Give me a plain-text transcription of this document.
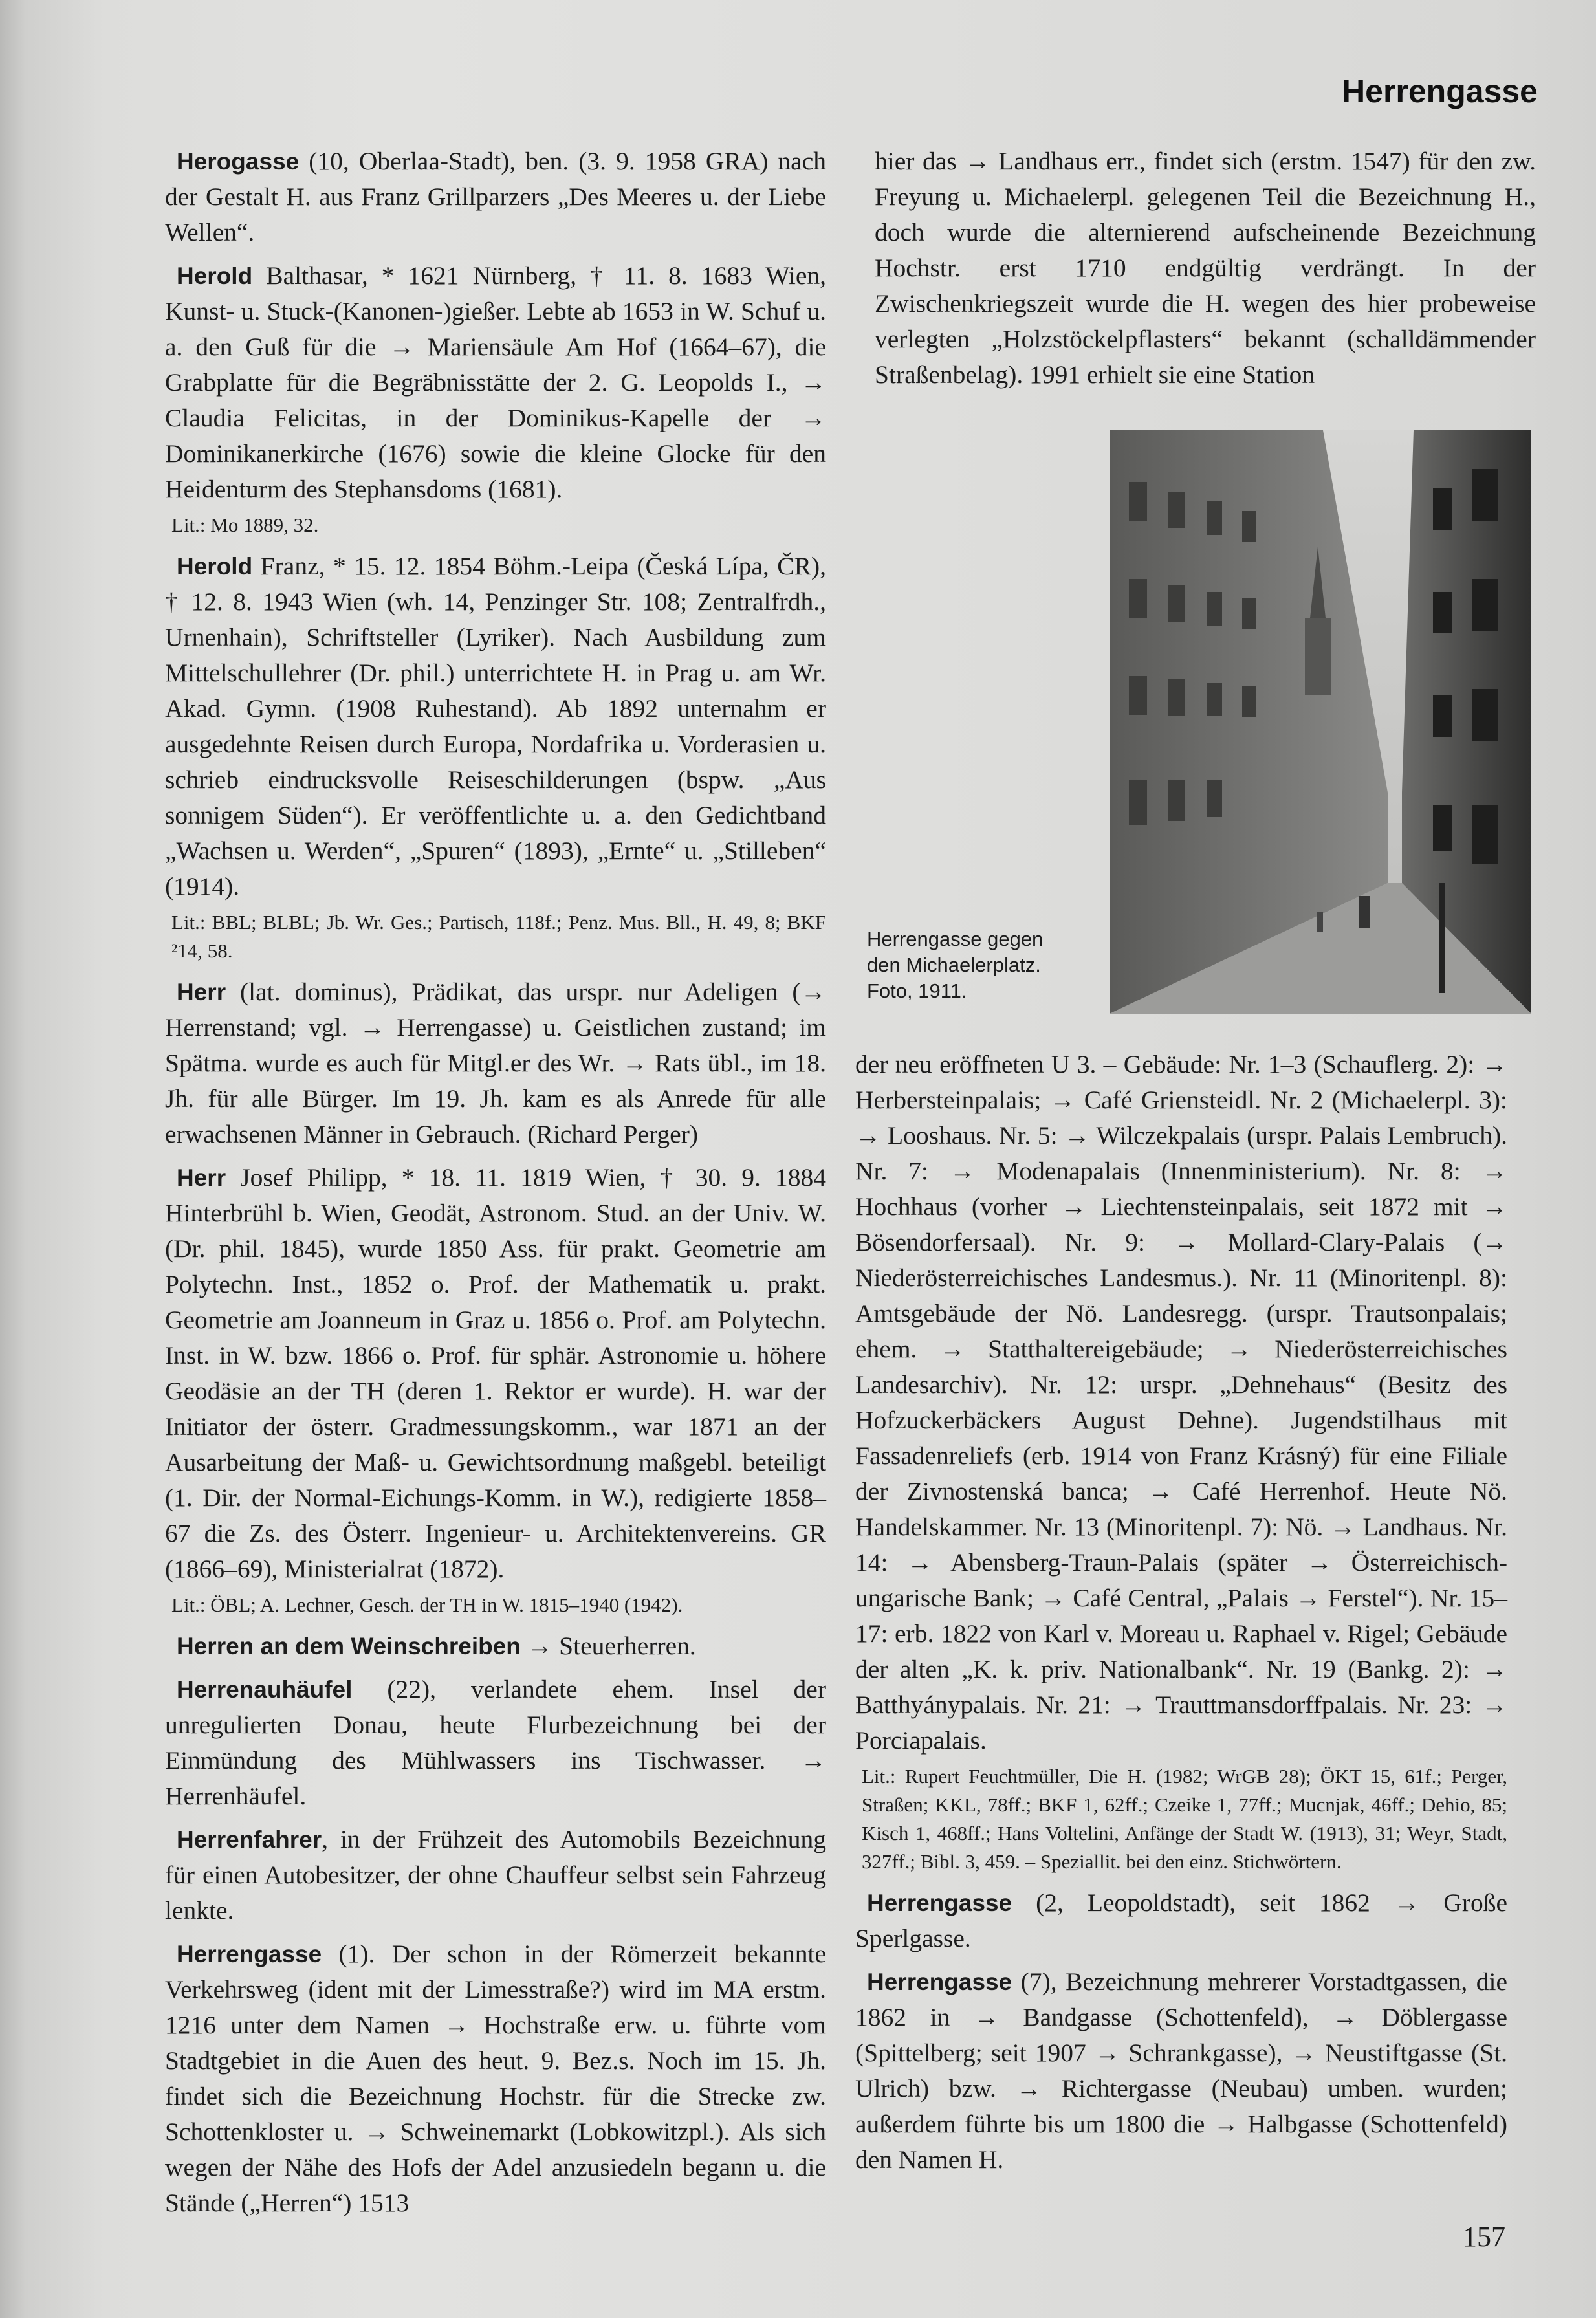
Herrengasse

Herogasse (10, Oberlaa-Stadt), ben. (3. 9. 1958 GRA) nach der Gestalt H. aus Franz Grillparzers „Des Meeres u. der Liebe Wellen“.

Herold Balthasar, * 1621 Nürnberg, † 11. 8. 1683 Wien, Kunst- u. Stuck-(Kanonen-)gießer. Lebte ab 1653 in W. Schuf u. a. den Guß für die → Mariensäule Am Hof (1664–67), die Grabplatte für die Begräbnisstätte der 2. G. Leopolds I., → Claudia Felicitas, in der Dominikus-Kapelle der → Dominikanerkirche (1676) sowie die kleine Glocke für den Heidenturm des Stephansdoms (1681).

Lit.: Mo 1889, 32.

Herold Franz, * 15. 12. 1854 Böhm.-Leipa (Česká Lípa, ČR), † 12. 8. 1943 Wien (wh. 14, Penzinger Str. 108; Zentralfrdh., Urnenhain), Schriftsteller (Lyriker). Nach Ausbildung zum Mittelschullehrer (Dr. phil.) unterrichtete H. in Prag u. am Wr. Akad. Gymn. (1908 Ruhestand). Ab 1892 unternahm er ausgedehnte Reisen durch Europa, Nordafrika u. Vorderasien u. schrieb eindrucksvolle Reiseschilderungen (bspw. „Aus sonnigem Süden“). Er veröffentlichte u. a. den Gedichtband „Wachsen u. Werden“, „Spuren“ (1893), „Ernte“ u. „Stilleben“ (1914).

Lit.: BBL; BLBL; Jb. Wr. Ges.; Partisch, 118f.; Penz. Mus. Bll., H. 49, 8; BKF ²14, 58.

Herr (lat. dominus), Prädikat, das urspr. nur Adeligen (→ Herrenstand; vgl. → Herrengasse) u. Geistlichen zustand; im Spätma. wurde es auch für Mitgl.er des Wr. → Rats übl., im 18. Jh. für alle Bürger. Im 19. Jh. kam es als Anrede für alle erwachsenen Männer in Gebrauch. (Richard Perger)

Herr Josef Philipp, * 18. 11. 1819 Wien, † 30. 9. 1884 Hinterbrühl b. Wien, Geodät, Astronom. Stud. an der Univ. W. (Dr. phil. 1845), wurde 1850 Ass. für prakt. Geometrie am Polytechn. Inst., 1852 o. Prof. der Mathematik u. prakt. Geometrie am Joanneum in Graz u. 1856 o. Prof. am Polytechn. Inst. in W. bzw. 1866 o. Prof. für sphär. Astronomie u. höhere Geodäsie an der TH (deren 1. Rektor er wurde). H. war der Initiator der österr. Gradmessungskomm., war 1871 an der Ausarbeitung der Maß- u. Gewichtsordnung maßgebl. beteiligt (1. Dir. der Normal-Eichungs-Komm. in W.), redigierte 1858–67 die Zs. des Österr. Ingenieur- u. Architektenvereins. GR (1866–69), Ministerialrat (1872).

Lit.: ÖBL; A. Lechner, Gesch. der TH in W. 1815–1940 (1942).

Herren an dem Weinschreiben → Steuerherren.

Herrenauhäufel (22), verlandete ehem. Insel der unregulierten Donau, heute Flurbezeichnung bei der Einmündung des Mühlwassers ins Tischwasser. → Herrenhäufel.

Herrenfahrer, in der Frühzeit des Automobils Bezeichnung für einen Autobesitzer, der ohne Chauffeur selbst sein Fahrzeug lenkte.

Herrengasse (1). Der schon in der Römerzeit bekannte Verkehrsweg (ident mit der Limesstraße?) wird im MA erstm. 1216 unter dem Namen → Hochstraße erw. u. führte vom Stadtgebiet in die Auen des heut. 9. Bez.s. Noch im 15. Jh. findet sich die Bezeichnung Hochstr. für die Strecke zw. Schottenkloster u. → Schweinemarkt (Lobkowitzpl.). Als sich wegen der Nähe des Hofs der Adel anzusiedeln begann u. die Stände („Herren“) 1513

hier das → Landhaus err., findet sich (erstm. 1547) für den zw. Freyung u. Michaelerpl. gelegenen Teil die Bezeichnung H., doch wurde die alternierend aufscheinende Bezeichnung Hochstr. erst 1710 endgültig verdrängt. In der Zwischenkriegszeit wurde die H. wegen des hier probeweise verlegten „Holzstöckelpflasters“ bekannt (schalldämmender Straßenbelag). 1991 erhielt sie eine Station

Herrengasse gegen
den Michaelerplatz.
Foto, 1911.

der neu eröffneten U 3. – Gebäude: Nr. 1–3 (Schauflerg. 2): → Herbersteinpalais; → Café Griensteidl. Nr. 2 (Michaelerpl. 3): → Looshaus. Nr. 5: → Wilczekpalais (urspr. Palais Lembruch). Nr. 7: → Modenapalais (Innenministerium). Nr. 8: → Hochhaus (vorher → Liechtensteinpalais, seit 1872 mit → Bösendorfersaal). Nr. 9: → Mollard-Clary-Palais (→ Niederösterreichisches Landesmus.). Nr. 11 (Minoritenpl. 8): Amtsgebäude der Nö. Landesregg. (urspr. Trautsonpalais; ehem. → Statthaltereigebäude; → Niederösterreichisches Landesarchiv). Nr. 12: urspr. „Dehnehaus“ (Besitz des Hofzuckerbäckers August Dehne). Jugendstilhaus mit Fassadenreliefs (erb. 1914 von Franz Krásný) für eine Filiale der Zivnostenská banca; → Café Herrenhof. Heute Nö. Handelskammer. Nr. 13 (Minoritenpl. 7): Nö. → Landhaus. Nr. 14: → Abensberg-Traun-Palais (später → Österreichisch-ungarische Bank; → Café Central, „Palais → Ferstel“). Nr. 15–17: erb. 1822 von Karl v. Moreau u. Raphael v. Rigel; Gebäude der alten „K. k. priv. Nationalbank“. Nr. 19 (Bankg. 2): → Batthyánypalais. Nr. 21: → Trauttmansdorffpalais. Nr. 23: → Porciapalais.

Lit.: Rupert Feuchtmüller, Die H. (1982; WrGB 28); ÖKT 15, 61f.; Perger, Straßen; KKL, 78ff.; BKF 1, 62ff.; Czeike 1, 77ff.; Mucnjak, 46ff.; Dehio, 85; Kisch 1, 468ff.; Hans Voltelini, Anfänge der Stadt W. (1913), 31; Weyr, Stadt, 327ff.; Bibl. 3, 459. – Speziallit. bei den einz. Stichwörtern.

Herrengasse (2, Leopoldstadt), seit 1862 → Große Sperlgasse.

Herrengasse (7), Bezeichnung mehrerer Vorstadtgassen, die 1862 in → Bandgasse (Schottenfeld), → Döblergasse (Spittelberg; seit 1907 → Schrankgasse), → Neustiftgasse (St. Ulrich) bzw. → Richtergasse (Neubau) umben. wurden; außerdem führte bis um 1800 die → Halbgasse (Schottenfeld) den Namen H.

157
